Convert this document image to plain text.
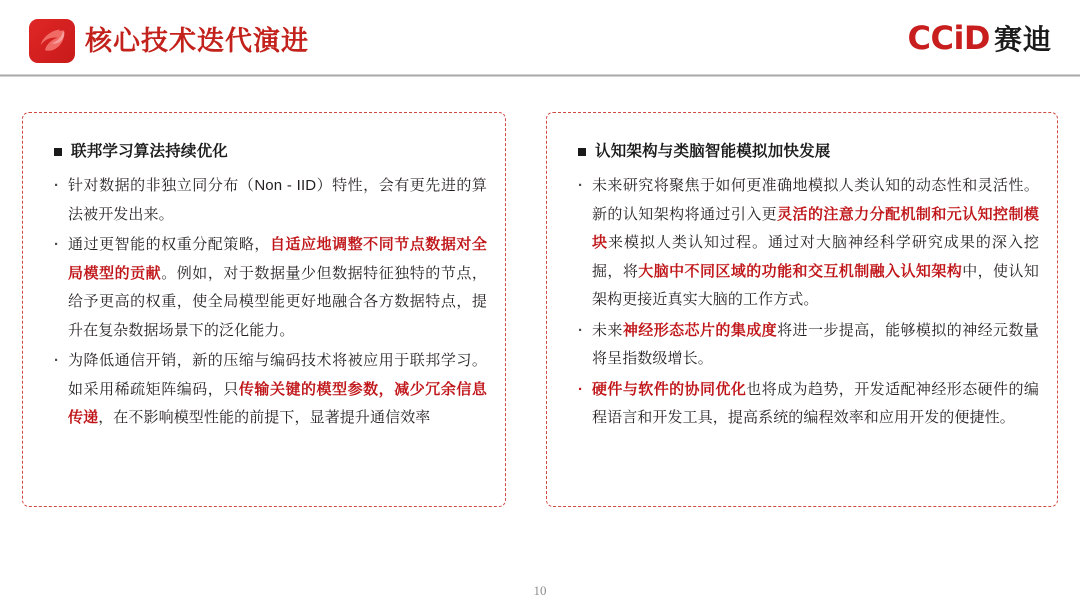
核心技术迭代演进	CCiD 赛迪
联邦学习算法持续优化
· 针对数据的非独立同分布（Non - IID）特性，会有更先进的算法被开发出来。
· 通过更智能的权重分配策略，自适应地调整不同节点数据对全局模型的贡献。例如，对于数据量少但数据特征独特的节点，给予更高的权重，使全局模型能更好地融合各方数据特点，提升在复杂数据场景下的泛化能力。
· 为降低通信开销，新的压缩与编码技术将被应用于联邦学习。如采用稀疏矩阵编码，只传输关键的模型参数，减少冗余信息传递，在不影响模型性能的前提下，显著提升通信效率
认知架构与类脑智能模拟加快发展
· 未来研究将聚焦于如何更准确地模拟人类认知的动态性和灵活性。新的认知架构将通过引入更灵活的注意力分配机制和元认知控制模块来模拟人类认知过程。通过对大脑神经科学研究成果的深入挖掘，将大脑中不同区域的功能和交互机制融入认知架构中，使认知架构更接近真实大脑的工作方式。
· 未来神经形态芯片的集成度将进一步提高，能够模拟的神经元数量将呈指数级增长。
· 硬件与软件的协同优化也将成为趋势，开发适配神经形态硬件的编程语言和开发工具，提高系统的编程效率和应用开发的便捷性。
10
